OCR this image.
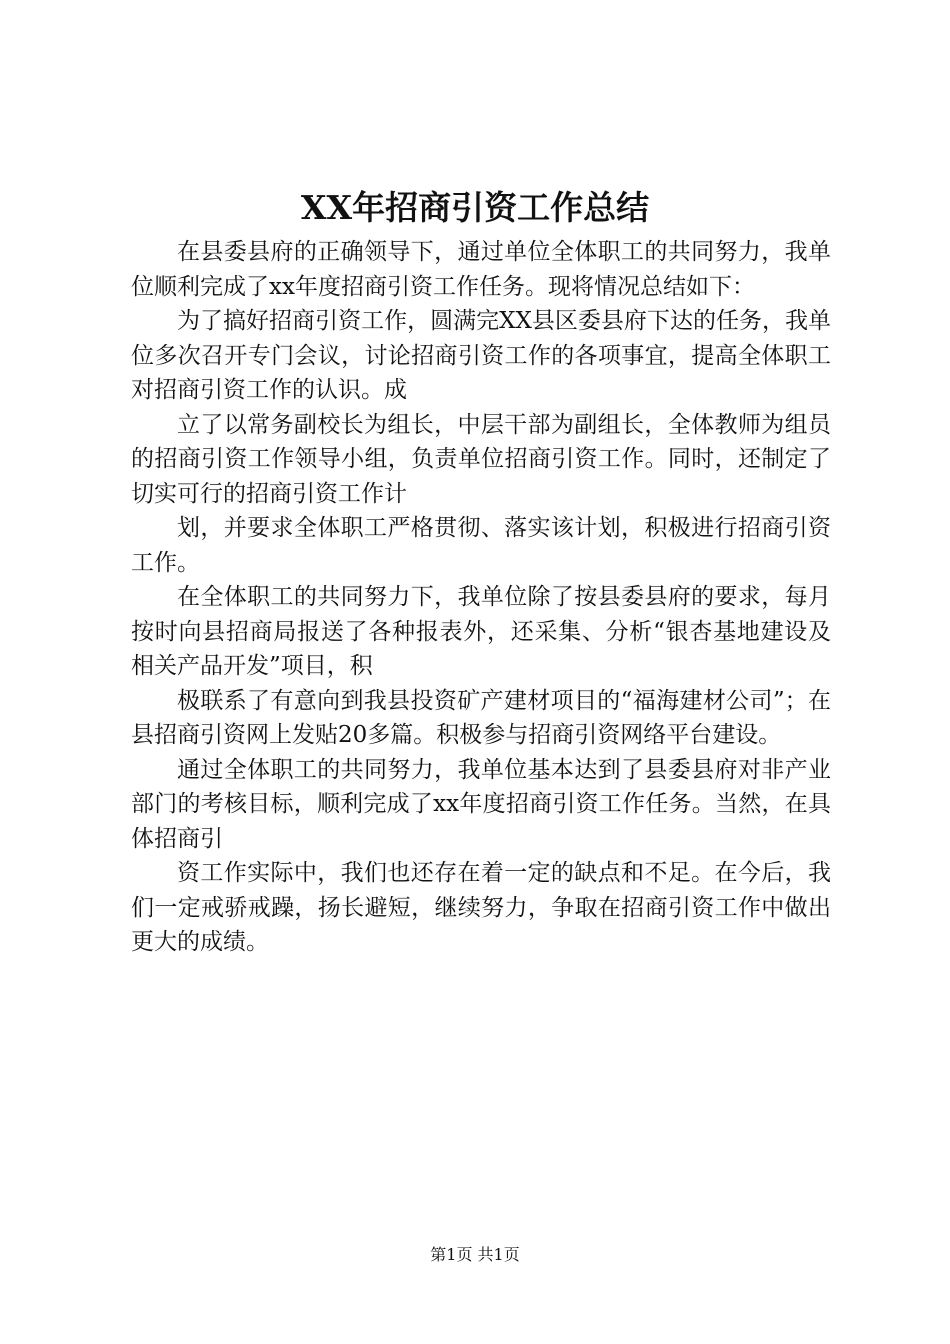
XX年招商引资工作总结

在县委县府的正确领导下，通过单位全体职工的共同努力，我单位顺利完成了xx年度招商引资工作任务。现将情况总结如下：

为了搞好招商引资工作，圆满完XX县区委县府下达的任务，我单位多次召开专门会议，讨论招商引资工作的各项事宜，提高全体职工对招商引资工作的认识。成

立了以常务副校长为组长，中层干部为副组长，全体教师为组员的招商引资工作领导小组，负责单位招商引资工作。同时，还制定了切实可行的招商引资工作计

划，并要求全体职工严格贯彻、落实该计划，积极进行招商引资工作。

在全体职工的共同努力下，我单位除了按县委县府的要求，每月按时向县招商局报送了各种报表外，还采集、分析“银杏基地建设及相关产品开发”项目，积

极联系了有意向到我县投资矿产建材项目的“福海建材公司”；在县招商引资网上发贴20多篇。积极参与招商引资网络平台建设。

通过全体职工的共同努力，我单位基本达到了县委县府对非产业部门的考核目标，顺利完成了xx年度招商引资工作任务。当然，在具体招商引

资工作实际中，我们也还存在着一定的缺点和不足。在今后，我们一定戒骄戒躁，扬长避短，继续努力，争取在招商引资工作中做出更大的成绩。

第1页 共1页
